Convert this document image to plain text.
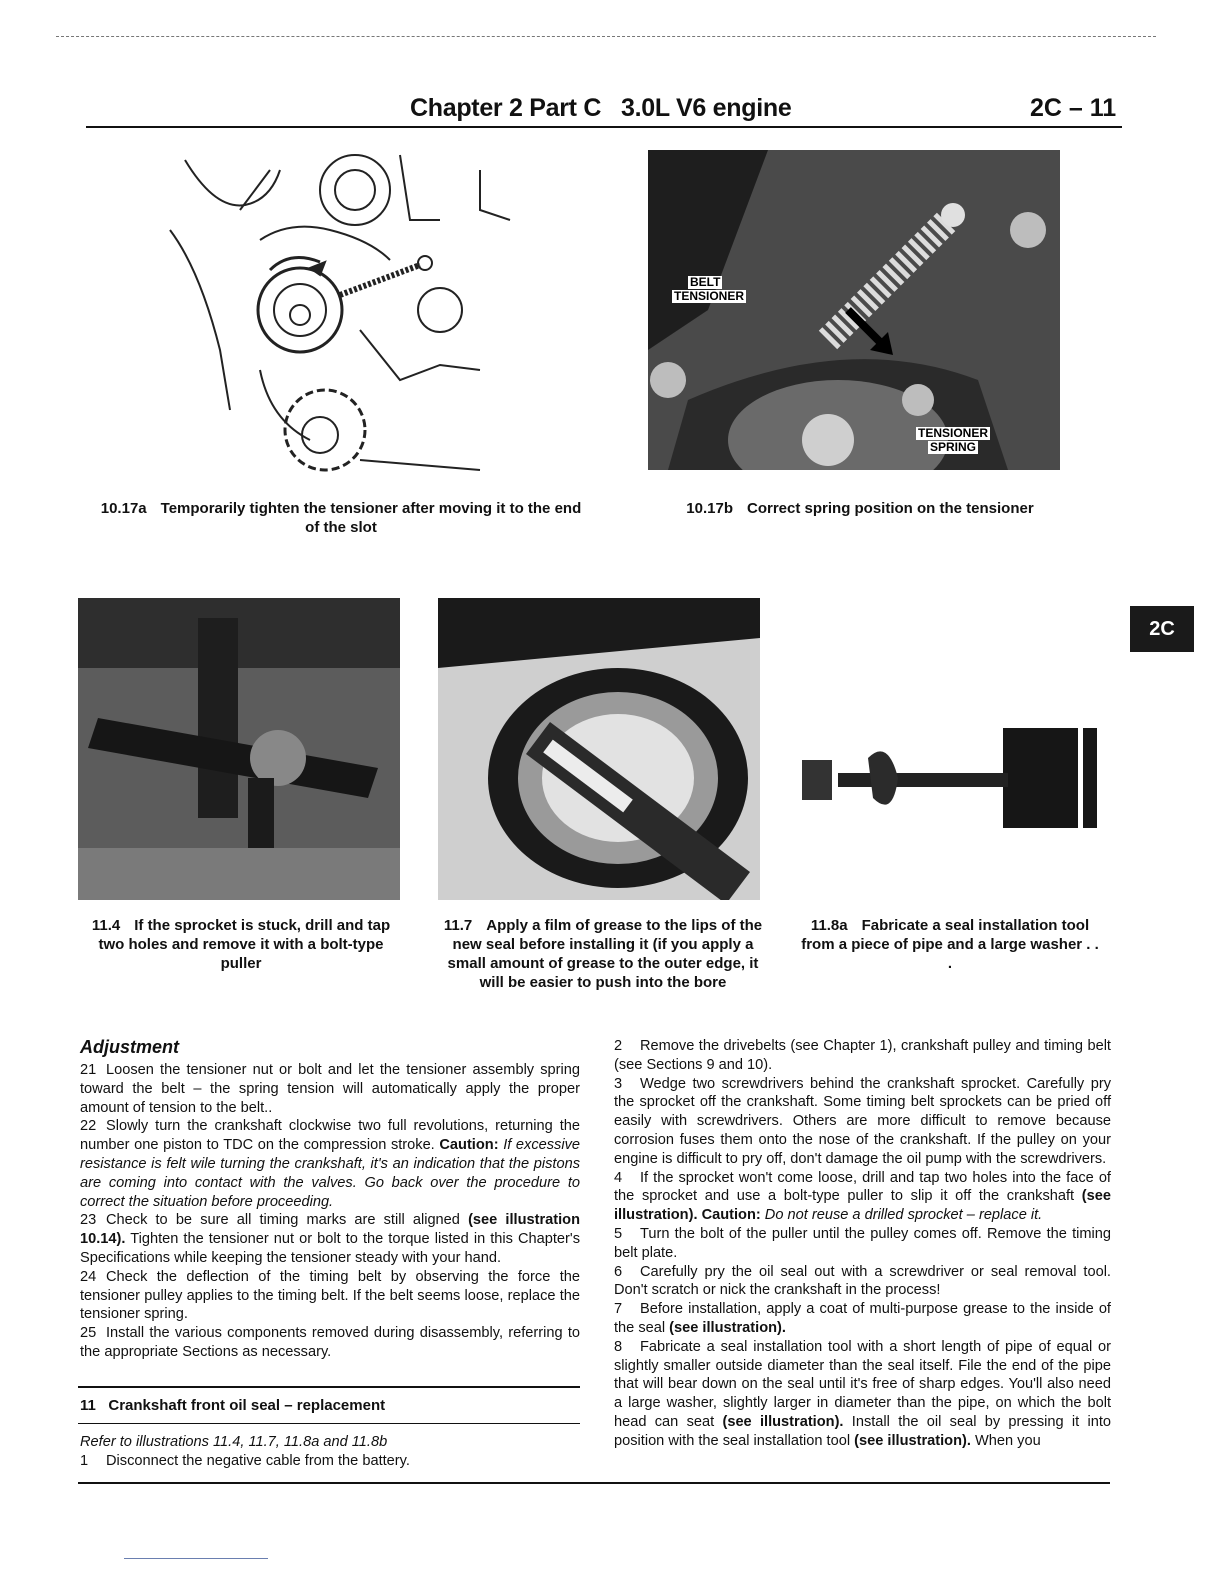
Chapter 2 Part C   3.0L V6 engine	2C – 11
BELT
TENSIONER
TENSIONER
SPRING
10.17a Temporarily tighten the tensioner after moving it to the end of the slot
10.17b Correct spring position on the tensioner
2C
11.4 If the sprocket is stuck, drill and tap two holes and remove it with a bolt-type puller
11.7 Apply a film of grease to the lips of the new seal before installing it (if you apply a small amount of grease to the outer edge, it will be easier to push into the bore
11.8a Fabricate a seal installation tool from a piece of pipe and a large washer . . .
Adjustment

21 Loosen the tensioner nut or bolt and let the tensioner assembly spring toward the belt – the spring tension will automatically apply the proper amount of tension to the belt..

22 Slowly turn the crankshaft clockwise two full revolutions, returning the number one piston to TDC on the compression stroke. Caution: If excessive resistance is felt wile turning the crankshaft, it's an indication that the pistons are coming into contact with the valves. Go back over the procedure to correct the situation before proceeding.

23 Check to be sure all timing marks are still aligned (see illustration 10.14). Tighten the tensioner nut or bolt to the torque listed in this Chapter's Specifications while keeping the tensioner steady with your hand.

24 Check the deflection of the timing belt by observing the force the tensioner pulley applies to the timing belt. If the belt seems loose, replace the tensioner spring.

25 Install the various components removed during disassembly, referring to the appropriate Sections as necessary.

11   Crankshaft front oil seal – replacement

Refer to illustrations 11.4, 11.7, 11.8a and 11.8b

1 Disconnect the negative cable from the battery.

2 Remove the drivebelts (see Chapter 1), crankshaft pulley and timing belt (see Sections 9 and 10).

3 Wedge two screwdrivers behind the crankshaft sprocket. Carefully pry the sprocket off the crankshaft. Some timing belt sprockets can be pried off easily with screwdrivers. Others are more difficult to remove because corrosion fuses them onto the nose of the crankshaft. If the pulley on your engine is difficult to pry off, don't damage the oil pump with the screwdrivers.

4 If the sprocket won't come loose, drill and tap two holes into the face of the sprocket and use a bolt-type puller to slip it off the crankshaft (see illustration). Caution: Do not reuse a drilled sprocket – replace it.

5 Turn the bolt of the puller until the pulley comes off. Remove the timing belt plate.

6 Carefully pry the oil seal out with a screwdriver or seal removal tool. Don't scratch or nick the crankshaft in the process!

7 Before installation, apply a coat of multi-purpose grease to the inside of the seal (see illustration).

8 Fabricate a seal installation tool with a short length of pipe of equal or slightly smaller outside diameter than the seal itself. File the end of the pipe that will bear down on the seal until it's free of sharp edges. You'll also need a large washer, slightly larger in diameter than the pipe, on which the bolt head can seat (see illustration). Install the oil seal by pressing it into position with the seal installation tool (see illustration). When you
